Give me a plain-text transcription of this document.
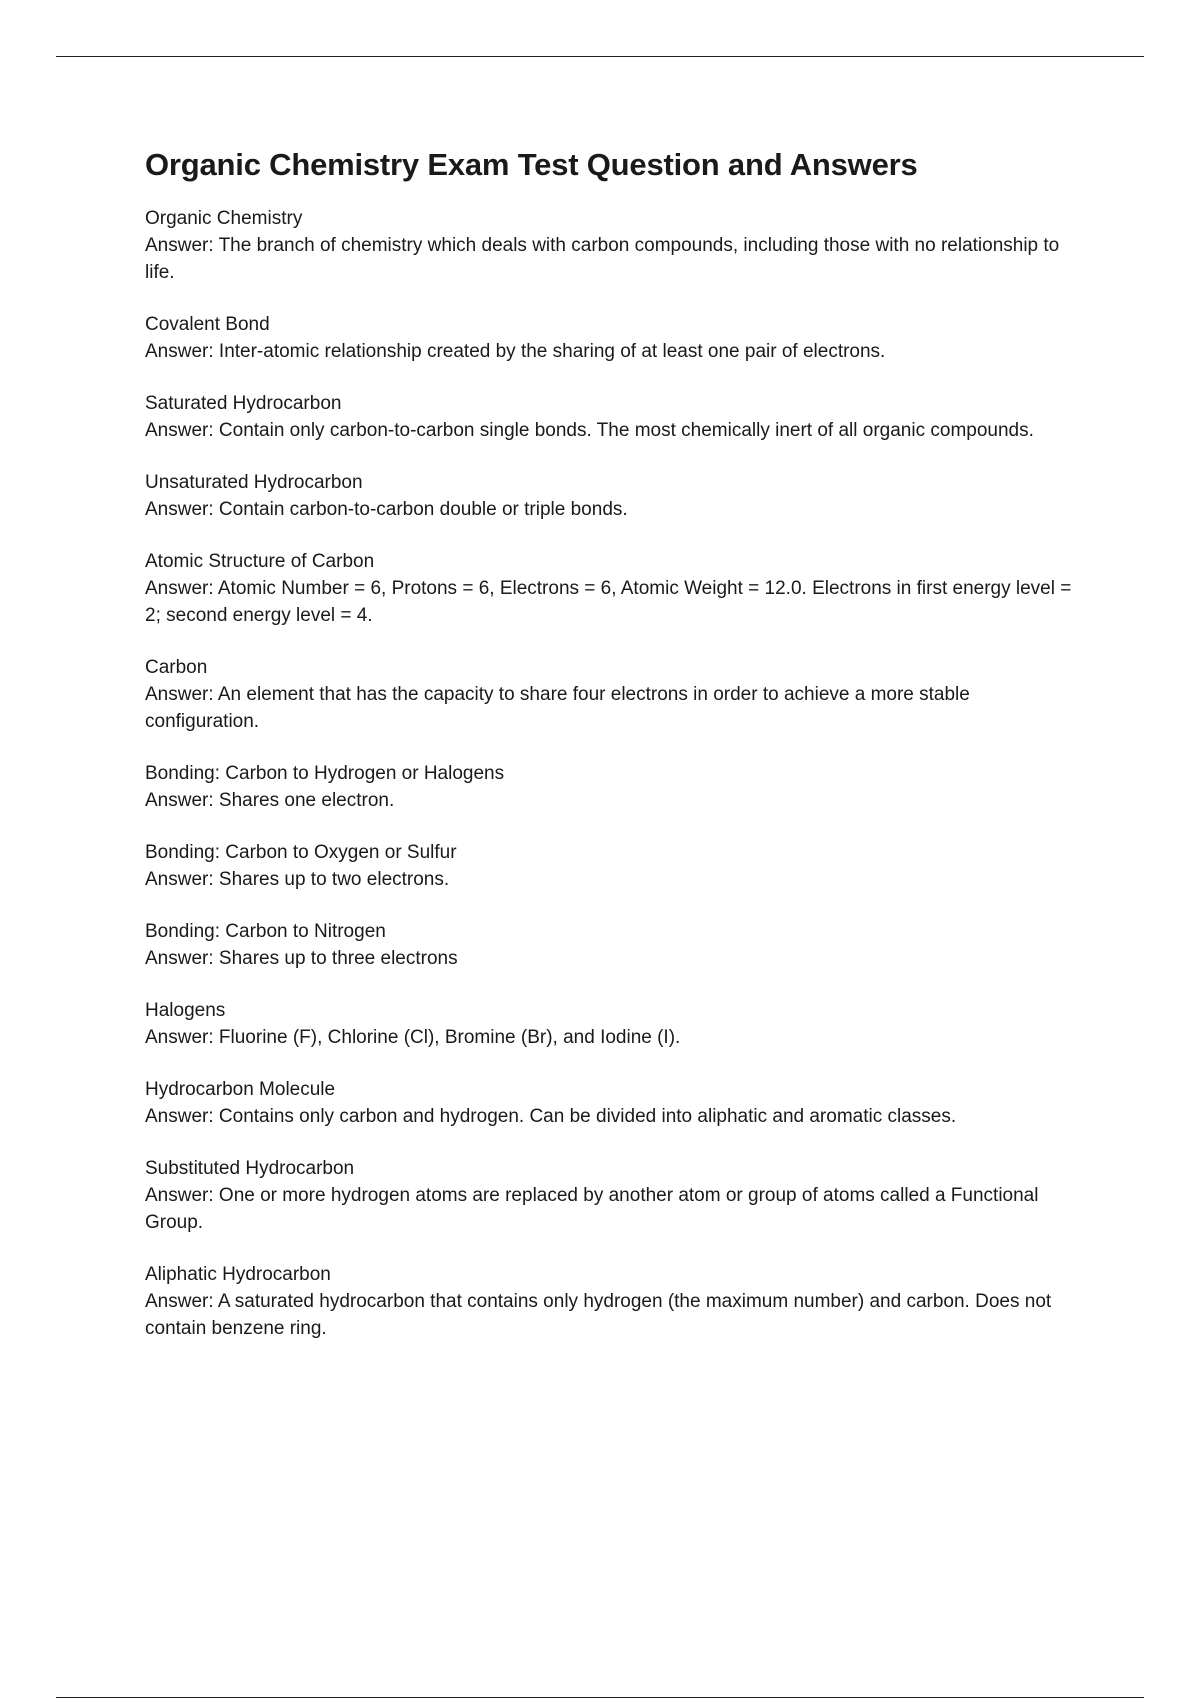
Organic Chemistry Exam Test Question and Answers
Organic Chemistry
Answer: The branch of chemistry which deals with carbon compounds, including those with no relationship to life.
Covalent Bond
Answer: Inter-atomic relationship created by the sharing of at least one pair of electrons.
Saturated Hydrocarbon
Answer: Contain only carbon-to-carbon single bonds. The most chemically inert of all organic compounds.
Unsaturated Hydrocarbon
Answer: Contain carbon-to-carbon double or triple bonds.
Atomic Structure of Carbon
Answer: Atomic Number = 6, Protons = 6, Electrons = 6, Atomic Weight = 12.0. Electrons in first energy level = 2; second energy level = 4.
Carbon
Answer: An element that has the capacity to share four electrons in order to achieve a more stable configuration.
Bonding: Carbon to Hydrogen or Halogens
Answer: Shares one electron.
Bonding: Carbon to Oxygen or Sulfur
Answer: Shares up to two electrons.
Bonding: Carbon to Nitrogen
Answer: Shares up to three electrons
Halogens
Answer: Fluorine (F), Chlorine (Cl), Bromine (Br), and Iodine (I).
Hydrocarbon Molecule
Answer: Contains only carbon and hydrogen. Can be divided into aliphatic and aromatic classes.
Substituted Hydrocarbon
Answer: One or more hydrogen atoms are replaced by another atom or group of atoms called a Functional Group.
Aliphatic Hydrocarbon
Answer: A saturated hydrocarbon that contains only hydrogen (the maximum number) and carbon. Does not contain benzene ring.
